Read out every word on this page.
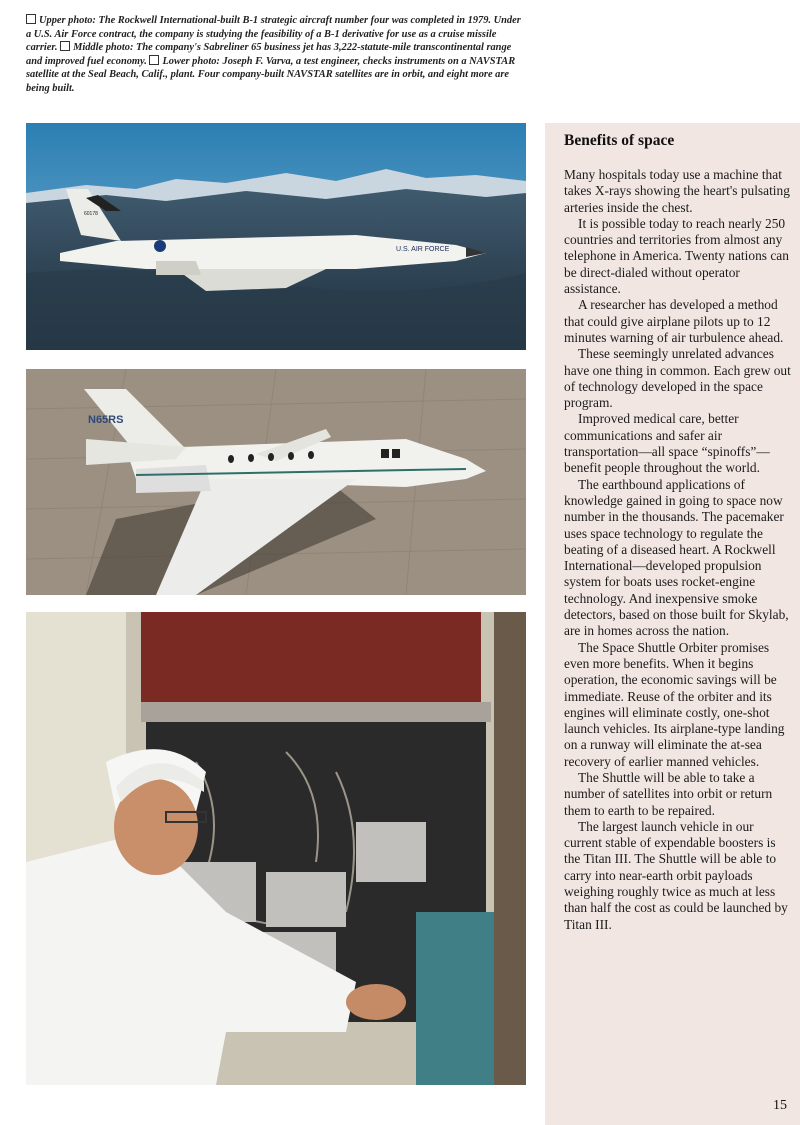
Upper photo: The Rockwell International-built B-1 strategic aircraft number four was completed in 1979. Under a U.S. Air Force contract, the company is studying the feasibility of a B-1 derivative for use as a cruise missile carrier. Middle photo: The company's Sabreliner 65 business jet has 3,222-statute-mile transcontinental range and improved fuel economy. Lower photo: Joseph F. Varva, a test engineer, checks instruments on a NAVSTAR satellite at the Seal Beach, Calif., plant. Four company-built NAVSTAR satellites are in orbit, and eight more are being built.
U.S. AIR FORCE
60178
N65RS
Benefits of space

Many hospitals today use a machine that takes X-rays showing the heart's pulsating arteries inside the chest.

It is possible today to reach nearly 250 countries and territories from almost any telephone in America. Twenty nations can be direct-dialed without operator assistance.

A researcher has developed a method that could give airplane pilots up to 12 minutes warning of air turbulence ahead.

These seemingly unrelated advances have one thing in common. Each grew out of technology developed in the space program.

Improved medical care, better communications and safer air transportation—all space “spinoffs”—benefit people throughout the world.

The earthbound applications of knowledge gained in going to space now number in the thousands. The pacemaker uses space technology to regulate the beating of a diseased heart. A Rockwell International—developed propulsion system for boats uses rocket-engine technology. And inexpensive smoke detectors, based on those built for Skylab, are in homes across the nation.

The Space Shuttle Orbiter promises even more benefits. When it begins operation, the economic savings will be immediate. Reuse of the orbiter and its engines will eliminate costly, one-shot launch vehicles. Its airplane-type landing on a runway will eliminate the at-sea recovery of earlier manned vehicles.

The Shuttle will be able to take a number of satellites into orbit or return them to earth to be repaired.

The largest launch vehicle in our current stable of expendable boosters is the Titan III. The Shuttle will be able to carry into near-earth orbit payloads weighing roughly twice as much at less than half the cost as could be launched by Titan III.

15
